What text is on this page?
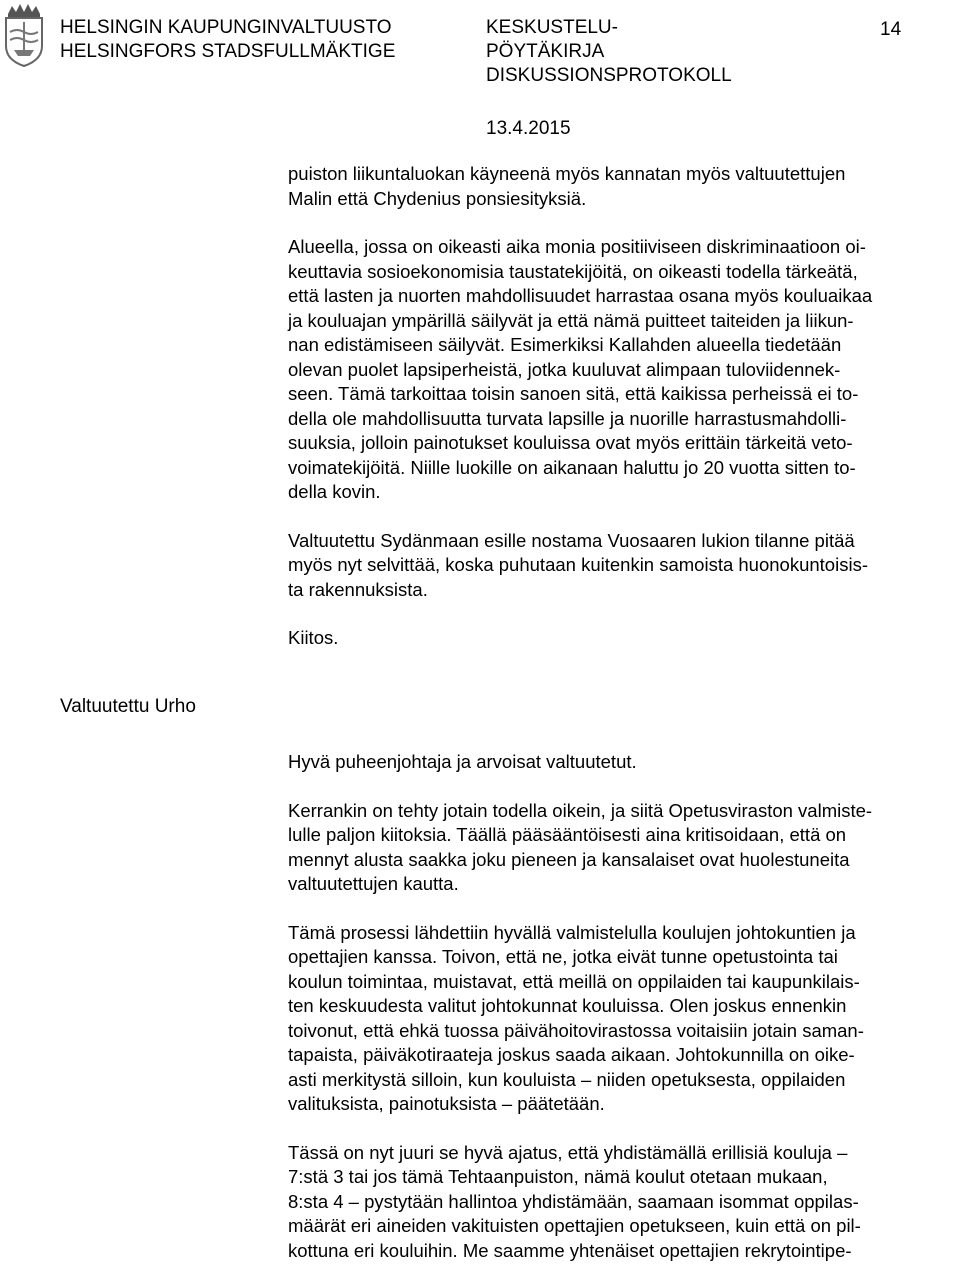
HELSINGIN KAUPUNGINVALTUUSTO
HELSINGFORS STADSFULLMÄKTIGE
KESKUSTELU-
PÖYTÄKIRJA
DISKUSSIONSPROTOKOLL
14
13.4.2015

puiston liikuntaluokan käyneenä myös kannatan myös valtuutettujen
Malin että Chydenius ponsiesityksiä.

Alueella, jossa on oikeasti aika monia positiiviseen diskriminaatioon oi-
keuttavia sosioekonomisia taustatekijöitä, on oikeasti todella tärkeätä,
että lasten ja nuorten mahdollisuudet harrastaa osana myös kouluaikaa
ja kouluajan ympärillä säilyvät ja että nämä puitteet taiteiden ja liikun-
nan edistämiseen säilyvät. Esimerkiksi Kallahden alueella tiedetään
olevan puolet lapsiperheistä, jotka kuuluvat alimpaan tuloviidennek-
seen. Tämä tarkoittaa toisin sanoen sitä, että kaikissa perheissä ei to-
della ole mahdollisuutta turvata lapsille ja nuorille harrastusmahdolli-
suuksia, jolloin painotukset kouluissa ovat myös erittäin tärkeitä veto-
voimatekijöitä. Niille luokille on aikanaan haluttu jo 20 vuotta sitten to-
della kovin.

Valtuutettu Sydänmaan esille nostama Vuosaaren lukion tilanne pitää
myös nyt selvittää, koska puhutaan kuitenkin samoista huonokuntoisis-
ta rakennuksista.

Kiitos.

Valtuutettu Urho

Hyvä puheenjohtaja ja arvoisat valtuutetut.

Kerrankin on tehty jotain todella oikein, ja siitä Opetusviraston valmiste-
lulle paljon kiitoksia. Täällä pääsääntöisesti aina kritisoidaan, että on
mennyt alusta saakka joku pieneen ja kansalaiset ovat huolestuneita
valtuutettujen kautta.

Tämä prosessi lähdettiin hyvällä valmistelulla koulujen johtokuntien ja
opettajien kanssa. Toivon, että ne, jotka eivät tunne opetustointa tai
koulun toimintaa, muistavat, että meillä on oppilaiden tai kaupunkilais-
ten keskuudesta valitut johtokunnat kouluissa. Olen joskus ennenkin
toivonut, että ehkä tuossa päivähoitovirastossa voitaisiin jotain saman-
tapaista, päiväkotiraateja joskus saada aikaan. Johtokunnilla on oike-
asti merkitystä silloin, kun kouluista – niiden opetuksesta, oppilaiden
valituksista, painotuksista – päätetään.

Tässä on nyt juuri se hyvä ajatus, että yhdistämällä erillisiä kouluja –
7:stä 3 tai jos tämä Tehtaanpuiston, nämä koulut otetaan mukaan,
8:sta 4 – pystytään hallintoa yhdistämään, saamaan isommat oppilas-
määrät eri aineiden vakituisten opettajien opetukseen, kuin että on pil-
kottuna eri kouluihin. Me saamme yhtenäiset opettajien rekrytointipe-
